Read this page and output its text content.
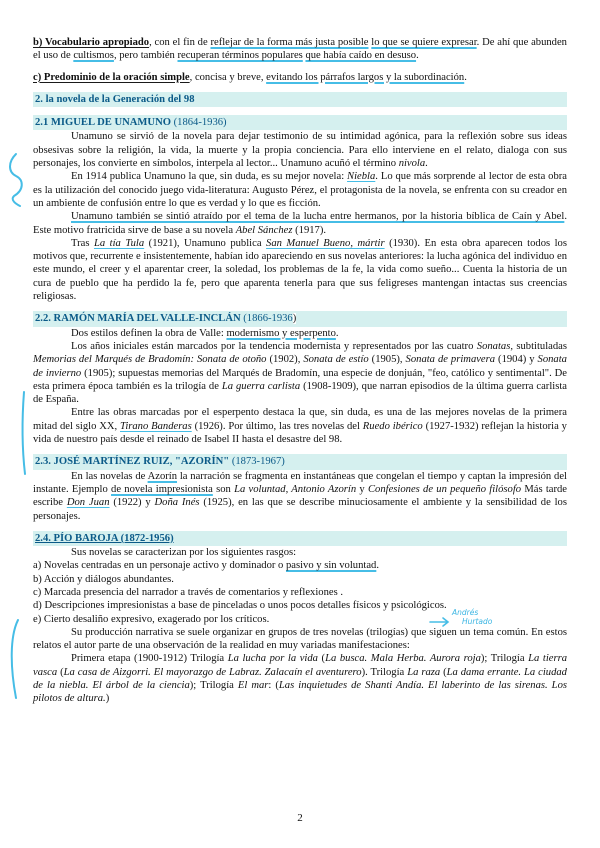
b) Vocabulario apropiado, con el fin de reflejar de la forma más justa posible lo que se quiere expresar. De ahí que abunden el uso de cultismos, pero también recuperan términos populares que había caído en desuso.

c) Predominio de la oración simple, concisa y breve, evitando los párrafos largos y la subordinación.

2. la novela de la Generación del 98

2.1 MIGUEL DE UNAMUNO (1864-1936)

Unamuno se sirvió de la novela para dejar testimonio de su intimidad agónica, para la reflexión sobre sus ideas obsesivas sobre la religión, la vida, la muerte y la propia conciencia. Para ello interviene en el relato, dialoga con sus personajes, los convierte en símbolos, interpela al lector... Unamuno acuñó el término nivola.

En 1914 publica Unamuno la que, sin duda, es su mejor novela: Niebla. Lo que más sorprende al lector de esta obra es la utilización del conocido juego vida-literatura: Augusto Pérez, el protagonista de la novela, se enfrenta con su creador en un ambiente de confusión entre lo que es verdad y lo que es ficción.

Unamuno también se sintió atraído por el tema de la lucha entre hermanos, por la historia bíblica de Caín y Abel. Este motivo fratricida sirve de base a su novela Abel Sánchez (1917).

Tras La tía Tula (1921), Unamuno publica San Manuel Bueno, mártir (1930). En esta obra aparecen todos los motivos que, recurrente e insistentemente, habían ido apareciendo en sus novelas anteriores: la lucha agónica del individuo en este mundo, el creer y el aparentar creer, la soledad, los problemas de la fe, la vida como sueño... Cuenta la historia de un cura de pueblo que ha perdido la fe, pero que aparenta tenerla para que sus feligreses mantengan intactas sus creencias religiosas.

2.2. RAMÓN MARÍA DEL VALLE-INCLÁN (1866-1936)

Dos estilos definen la obra de Valle: modernismo y esperpento.

Los años iniciales están marcados por la tendencia modernista y representados por las cuatro Sonatas, subtituladas Memorias del Marqués de Bradomín: Sonata de otoño (1902), Sonata de estío (1905), Sonata de primavera (1904) y Sonata de invierno (1905); supuestas memorias del Marqués de Bradomín, una especie de donjuán, "feo, católico y sentimental". De esta primera época también es la trilogía de La guerra carlista (1908-1909), que narran episodios de la última guerra carlista de España.

Entre las obras marcadas por el esperpento destaca la que, sin duda, es una de las mejores novelas de la primera mitad del siglo XX, Tirano Banderas (1926). Por último, las tres novelas del Ruedo ibérico (1927-1932) reflejan la historia y vida de nuestro país desde el reinado de Isabel II hasta el desastre del 98.

2.3. JOSÉ MARTÍNEZ RUIZ, "AZORÍN" (1873-1967)

En las novelas de Azorín la narración se fragmenta en instantáneas que congelan el tiempo y captan la impresión del instante. Ejemplo de novela impresionista son La voluntad, Antonio Azorín y Confesiones de un pequeño filósofo Más tarde escribe Don Juan (1922) y Doña Inés (1925), en las que se describe minuciosamente el ambiente y la sensibilidad de los personajes.

2.4. PÍO BAROJA (1872-1956)

Sus novelas se caracterizan por los siguientes rasgos:

a) Novelas centradas en un personaje activo y dominador o pasivo y sin voluntad.
b) Acción y diálogos abundantes.
c) Marcada presencia del narrador a través de comentarios y reflexiones .
d) Descripciones impresionistas a base de pinceladas o unos pocos detalles físicos y psicológicos.
e) Cierto desaliño expresivo, exagerado por los críticos.

Su producción narrativa se suele organizar en grupos de tres novelas (trilogías) que siguen un tema común. En estos relatos el autor parte de una observación de la realidad en muy variadas manifestaciones:

Primera etapa (1900-1912) Trilogía La lucha por la vida (La busca. Mala Herba. Aurora roja); Trilogía La tierra vasca (La casa de Aizgorri. El mayorazgo de Labraz. Zalacaín el aventurero). Trilogía La raza (La dama errante. La ciudad de la niebla. El árbol de la ciencia); Trilogía El mar: (Las inquietudes de Shanti Andía. El laberinto de las sirenas. Los pilotos de altura.)

Andrés
Hurtado
2
